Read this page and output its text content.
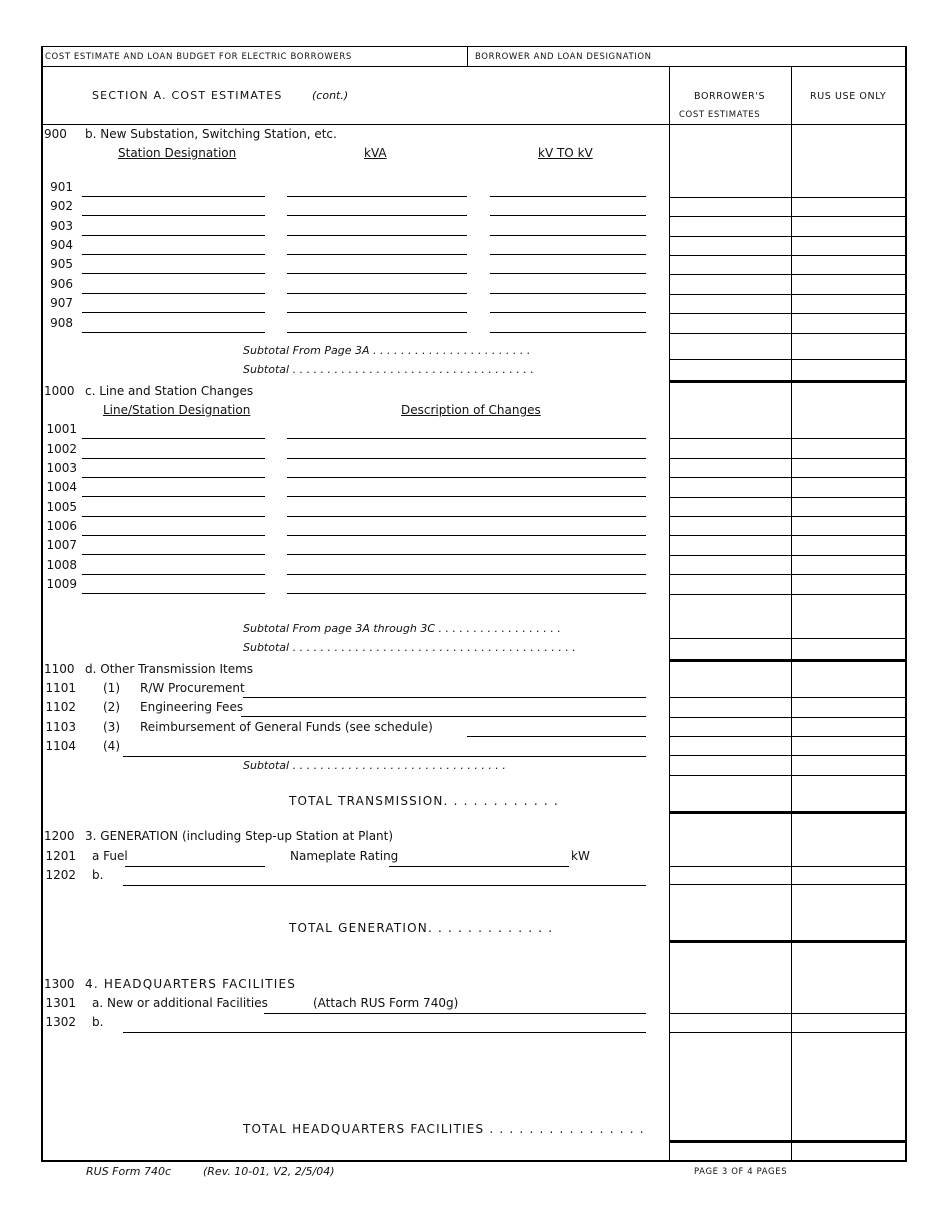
COST ESTIMATE AND LOAN BUDGET FOR ELECTRIC BORROWERS	BORROWER AND LOAN DESIGNATION
SECTION A. COST ESTIMATES	(cont.)	BORROWER'S
COST ESTIMATES
RUS USE ONLY
900 b. New Substation, Switching Station, etc.
Station Designation	kVA	kV TO kV
901
902
903
904
905
906
907
908
Subtotal From Page 3A . . . . . . . . . . . . . . . . . . . . . . .
Subtotal . . . . . . . . . . . . . . . . . . . . . . . . . . . . . . . . . . .
1000 c. Line and Station Changes
Line/Station Designation	Description of Changes
1001
1002
1003
1004
1005
1006
1007
1008
1009
Subtotal From page 3A through 3C . . . . . . . . . . . . . . . . . .
Subtotal . . . . . . . . . . . . . . . . . . . . . . . . . . . . . . . . . . . . . . . . .
1100 d. Other Transmission Items
1101 (1) R/W Procurement
1102 (2) Engineering Fees
1103 (3) Reimbursement of General Funds (see schedule)
1104 (4)
Subtotal . . . . . . . . . . . . . . . . . . . . . . . . . . . . . . .
TOTAL TRANSMISSION. . . . . . . . . . . .
1200 3. GENERATION (including Step-up Station at Plant)
1201 a Fuel	Nameplate Rating	kW
1202 b.
TOTAL GENERATION. . . . . . . . . . . . .
1300 4. HEADQUARTERS FACILITIES
1301 a. New or additional Facilities	(Attach RUS Form 740g)
1302 b.
TOTAL HEADQUARTERS FACILITIES . . . . . . . . . . . . . . . .
RUS Form 740c	(Rev. 10-01, V2, 2/5/04)	PAGE 3 OF 4 PAGES
